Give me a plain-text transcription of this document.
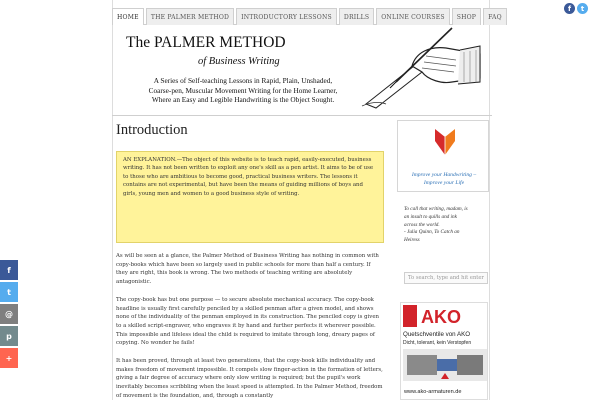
f	t
HOME	THE PALMER METHOD	INTRODUCTORY LESSONS	DRILLS	ONLINE COURSES	SHOP	FAQ
The PALMER METHOD
of Business Writing
A Series of Self-teaching Lessons in Rapid, Plain, Unshaded,
Coarse-pen, Muscular Movement Writing for the Home Learner,
Where an Easy and Legible Handwriting is the Object Sought.
Introduction
AN EXPLANATION.—The object of this website is to teach rapid, easily-executed, business writing. It has not been written to exploit any one's skill as a pen artist. It aims to be of use to those who are ambitious to become good, practical business writers. The lessons it contains are not experimental, but have been the means of guiding millions of boys and girls, young men and women to a good business style of writing.

As will be seen at a glance, the Palmer Method of Business Writing has nothing in common with copy-books which have been so largely used in public schools for more than half a century. If they are right, this book is wrong. The two methods of teaching writing are absolutely antagonistic.

The copy-book has but one purpose — to secure absolute mechanical accuracy. The copy-book headline is usually first carefully penciled by a skilled penman after a given model, and shows none of the individuality of the penman employed in its construction. The penciled copy is given to a skilled script-engraver, who engraves it by hand and further perfects it wherever possible. This impossible and lifeless ideal the child is required to imitate through long, dreary pages of copying. No wonder he fails!

It has been proved, through at least two generations, that the copy-book kills individuality and makes freedom of movement impossible. It compels slow finger-action in the formation of letters, giving a fair degree of accuracy where only slow writing is required; but the pupil's work inevitably becomes scribbling when the least speed is attempted. In the Palmer Method, freedom of movement is the foundation, and, through a constantly

Improve your Handwriting –
Improve your Life
To call that writing, madam, is
an insult to quills and ink
across the world.
- Julia Quinn, To Catch an
Heiress
To search, type and hit enter
AKO
Quetschventile von AKO
Dicht, tolerant, kein Verstopfen
www.ako-armaturen.de
f
t
@
p
+
